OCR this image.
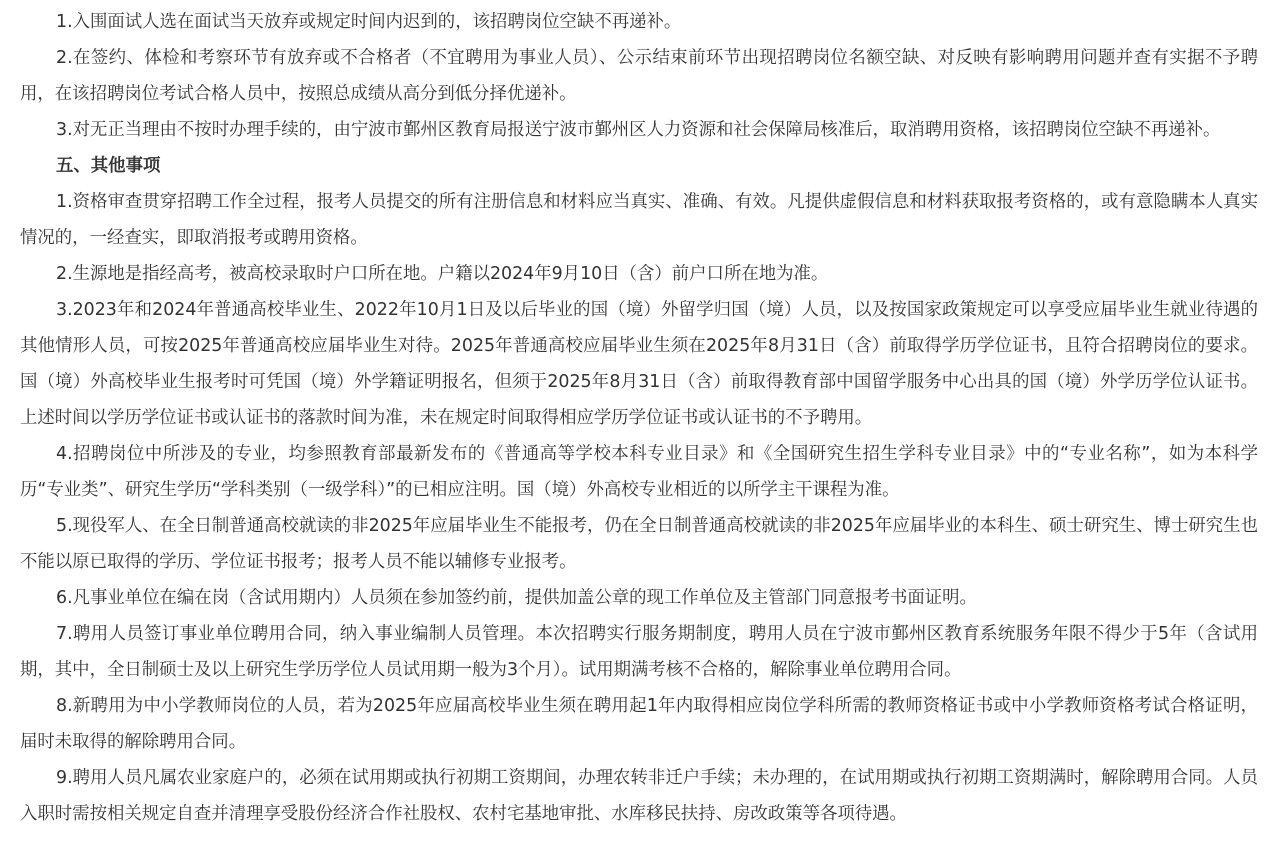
1.入围面试人选在面试当天放弃或规定时间内迟到的，该招聘岗位空缺不再递补。

2.在签约、体检和考察环节有放弃或不合格者（不宜聘用为事业人员）、公示结束前环节出现招聘岗位名额空缺、对反映有影响聘用问题并查有实据不予聘用，在该招聘岗位考试合格人员中，按照总成绩从高分到低分择优递补。

3.对无正当理由不按时办理手续的，由宁波市鄞州区教育局报送宁波市鄞州区人力资源和社会保障局核准后，取消聘用资格，该招聘岗位空缺不再递补。

五、其他事项

1.资格审查贯穿招聘工作全过程，报考人员提交的所有注册信息和材料应当真实、准确、有效。凡提供虚假信息和材料获取报考资格的，或有意隐瞒本人真实情况的，一经查实，即取消报考或聘用资格。

2.生源地是指经高考，被高校录取时户口所在地。户籍以2024年9月10日（含）前户口所在地为准。

3.2023年和2024年普通高校毕业生、2022年10月1日及以后毕业的国（境）外留学归国（境）人员，以及按国家政策规定可以享受应届毕业生就业待遇的其他情形人员，可按2025年普通高校应届毕业生对待。2025年普通高校应届毕业生须在2025年8月31日（含）前取得学历学位证书，且符合招聘岗位的要求。国（境）外高校毕业生报考时可凭国（境）外学籍证明报名，但须于2025年8月31日（含）前取得教育部中国留学服务中心出具的国（境）外学历学位认证书。上述时间以学历学位证书或认证书的落款时间为准，未在规定时间取得相应学历学位证书或认证书的不予聘用。

4.招聘岗位中所涉及的专业，均参照教育部最新发布的《普通高等学校本科专业目录》和《全国研究生招生学科专业目录》中的“专业名称”，如为本科学历“专业类”、研究生学历“学科类别（一级学科）”的已相应注明。国（境）外高校专业相近的以所学主干课程为准。

5.现役军人、在全日制普通高校就读的非2025年应届毕业生不能报考，仍在全日制普通高校就读的非2025年应届毕业的本科生、硕士研究生、博士研究生也不能以原已取得的学历、学位证书报考；报考人员不能以辅修专业报考。

6.凡事业单位在编在岗（含试用期内）人员须在参加签约前，提供加盖公章的现工作单位及主管部门同意报考书面证明。

7.聘用人员签订事业单位聘用合同，纳入事业编制人员管理。本次招聘实行服务期制度，聘用人员在宁波市鄞州区教育系统服务年限不得少于5年（含试用期，其中，全日制硕士及以上研究生学历学位人员试用期一般为3个月）。试用期满考核不合格的，解除事业单位聘用合同。

8.新聘用为中小学教师岗位的人员，若为2025年应届高校毕业生须在聘用起1年内取得相应岗位学科所需的教师资格证书或中小学教师资格考试合格证明，届时未取得的解除聘用合同。

9.聘用人员凡属农业家庭户的，必须在试用期或执行初期工资期间，办理农转非迁户手续；未办理的，在试用期或执行初期工资期满时，解除聘用合同。人员入职时需按相关规定自查并清理享受股份经济合作社股权、农村宅基地审批、水库移民扶持、房改政策等各项待遇。
